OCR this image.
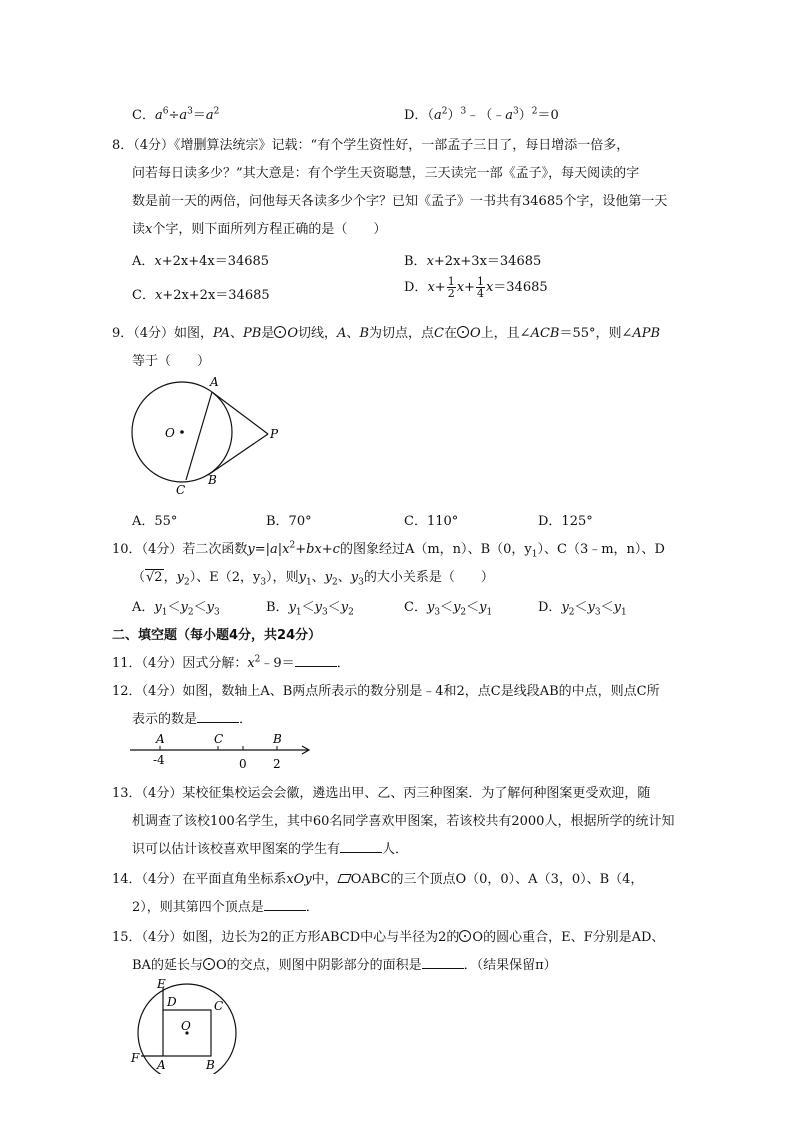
C．$a^6\div a^3=a^2$	D．$(a^2)^3﹣(﹣a^3)^2=0$
8．（4分）《增删算法统宗》记载：“有个学生资性好，一部孟子三日了，每日增添一倍多，
问若每日读多少？”其大意是：有个学生天资聪慧，三天读完一部《孟子》，每天阅读的字
数是前一天的两倍，问他每天各读多少个字？已知《孟子》一书共有34685个字，设他第一天
读x个字，则下面所列方程正确的是（　　）
A．x+2x+4x＝34685	B．x+2x+3x＝34685
C．x+2x+2x＝34685
D．$x+ \frac{1}{2} x+ \frac{1}{4} x=34685$
9．（4分）如图，PA、PB是 O切线，A、B为切点，点C在 O上，且∠ACB＝55°，则∠APB
等于（　　）
A
O	P
B
C
A．55°	B．70°	C．110°	D．125°
10．（4分）若二次函数$y=|a|x^2+bx+c$的图象经过A（m，n）、B（0，$y_1$）、C（3﹣m，n）、D
（√2，$y_2$）、E（2，$y_3$），则$y_1$、$y_2$、$y_3$的大小关系是（　　）
A．$y_1<y_2<y_3$	B．$y_1<y_3<y_2$	C．$y_3<y_2<y_1$	D．$y_2<y_3<y_1$
二、填空题（每小题4分，共24分）
11．（4分）因式分解：$x^2﹣9=$	．
12．（4分）如图，数轴上A、B两点所表示的数分别是﹣4和2，点C是线段AB的中点，则点C所
表示的数是	．
A	C	B
-4	0 2
13．（4分）某校征集校运会会徽，遴选出甲、乙、丙三种图案．为了解何种图案更受欢迎，随
机调查了该校100名学生，其中60名同学喜欢甲图案，若该校共有2000人，根据所学的统计知
识可以估计该校喜欢甲图案的学生有	人．
14．（4分）在平面直角坐标系xOy中， OABC的三个顶点O（0，0）、A（3，0）、B（4，
2），则其第四个顶点是	．
15．（4分）如图，边长为2的正方形ABCD中心与半径为2的 O的圆心重合，E、F分别是AD、
BA的延长与 O的交点，则图中阴影部分的面积是	．（结果保留π）
E
D	C
O
F A	B
